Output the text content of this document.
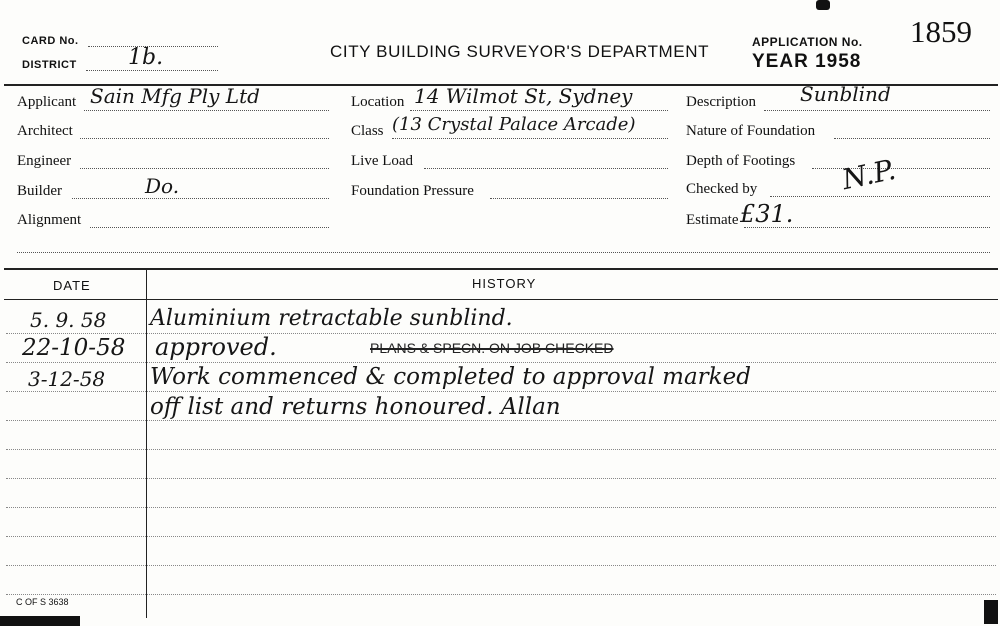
CARD No.
DISTRICT 1b.	CITY BUILDING SURVEYOR'S DEPARTMENT	APPLICATION No. 1859
YEAR 1958
Applicant Sain Mfg Ply Ltd
Architect
Engineer
Builder	Do.
Alignment
Location 14 Wilmot St, Sydney
Class (13 Crystal Palace Arcade)
Live Load
Foundation Pressure
Description Sunblind
Nature of Foundation
Depth of Footings
Checked by	N.P.
Estimate £31.
DATE	HISTORY
5. 9. 58 Aluminium retractable sunblind.
22-10-58 approved.	PLANS & SPECN. ON JOB CHECKED
3-12-58 Work commenced & completed to approval marked
off list and returns honoured. Allan
C OF S 3638
